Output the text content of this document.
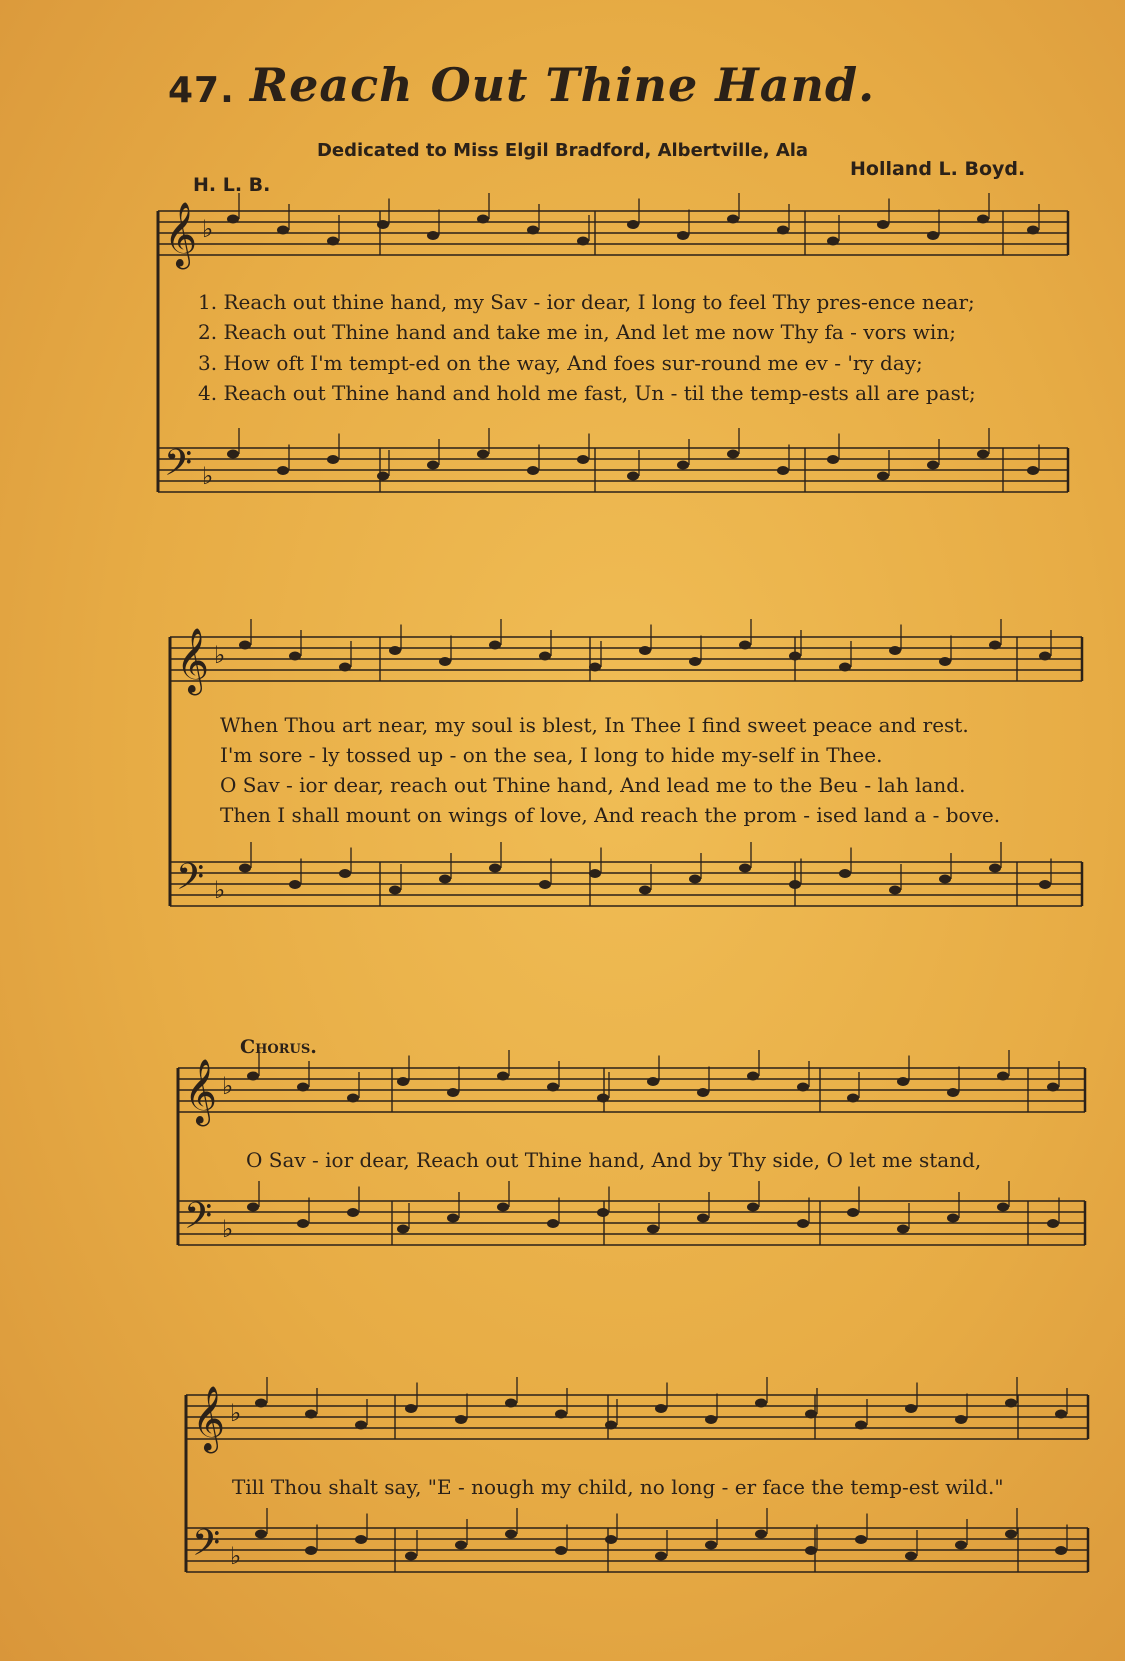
47. Reach Out Thine Hand.
Dedicated to Miss Elgil Bradford, Albertville, Ala
H. L. B.
Holland L. Boyd.
Chorus.
𝄞
𝄢
♭
♭
𝄞
𝄢
♭
♭
𝄞
𝄢
♭
♭
𝄞
𝄢
♭
♭
1. Reach out thine hand, my Sav - ior dear, I long to feel Thy pres-ence near;
2. Reach out Thine hand and take me in, And let me now Thy fa - vors win;
3. How oft I'm tempt-ed on the way, And foes sur-round me ev - 'ry day;
4. Reach out Thine hand and hold me fast, Un - til the temp-ests all are past;
When Thou art near, my soul is blest, In Thee I find sweet peace and rest.
I'm sore - ly tossed up - on the sea, I long to hide my-self in Thee.
O Sav - ior dear, reach out Thine hand, And lead me to the Beu - lah land.
Then I shall mount on wings of love, And reach the prom - ised land a - bove.
O Sav - ior dear, Reach out Thine hand, And by Thy side, O let me stand,
Till Thou shalt say, "E - nough my child, no long - er face the temp-est wild."
